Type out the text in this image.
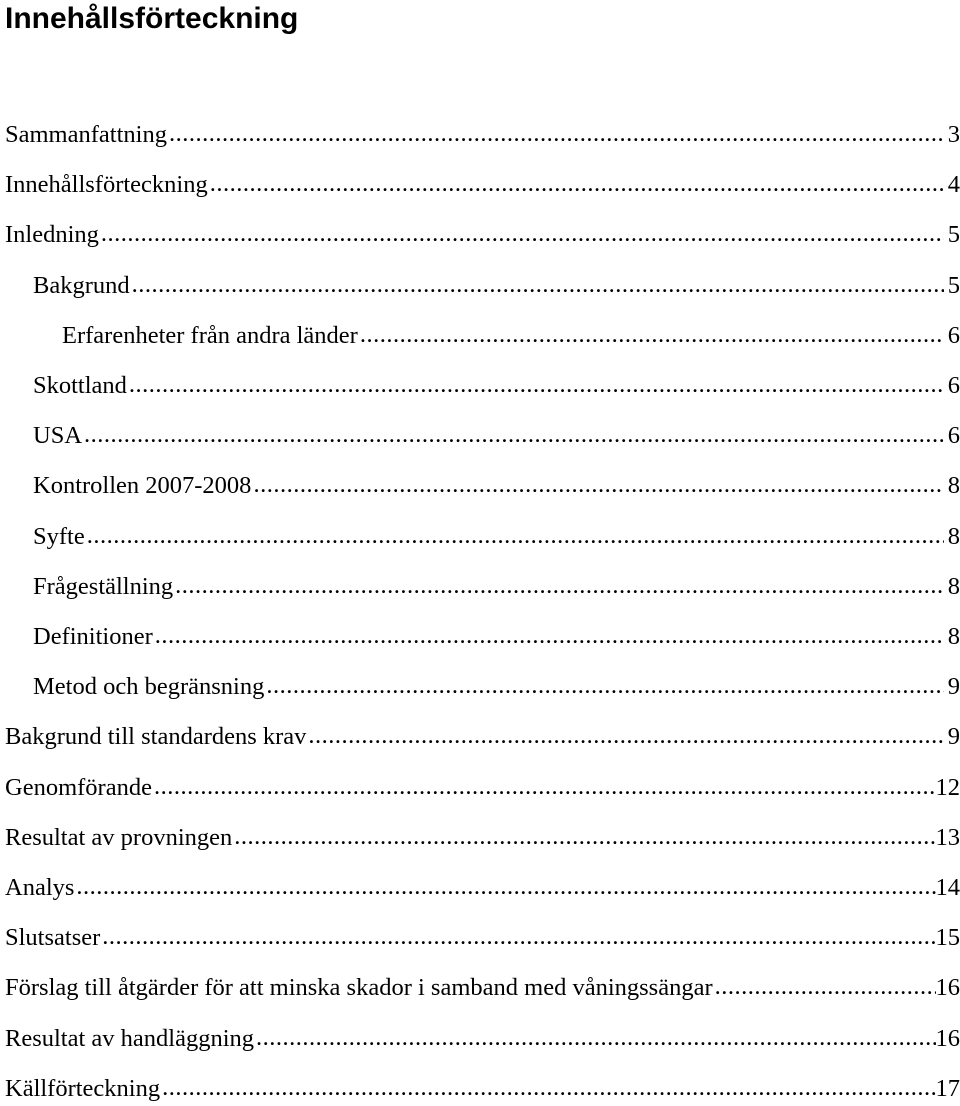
Innehållsförteckning
Sammanfattning .....	3
Innehållsförteckning .....	4
Inledning .....	5
Bakgrund .....	5
Erfarenheter från andra länder .....	6
Skottland .....	6
USA .....	6
Kontrollen 2007-2008 .....	8
Syfte .....	8
Frågeställning .....	8
Definitioner .....	8
Metod och begränsning .....	9
Bakgrund till standardens krav .....	9
Genomförande .....	12
Resultat av provningen .....	13
Analys .....	14
Slutsatser .....	15
Förslag till åtgärder för att minska skador i samband med våningssängar .....	16
Resultat av handläggning .....	16
Källförteckning .....	17
